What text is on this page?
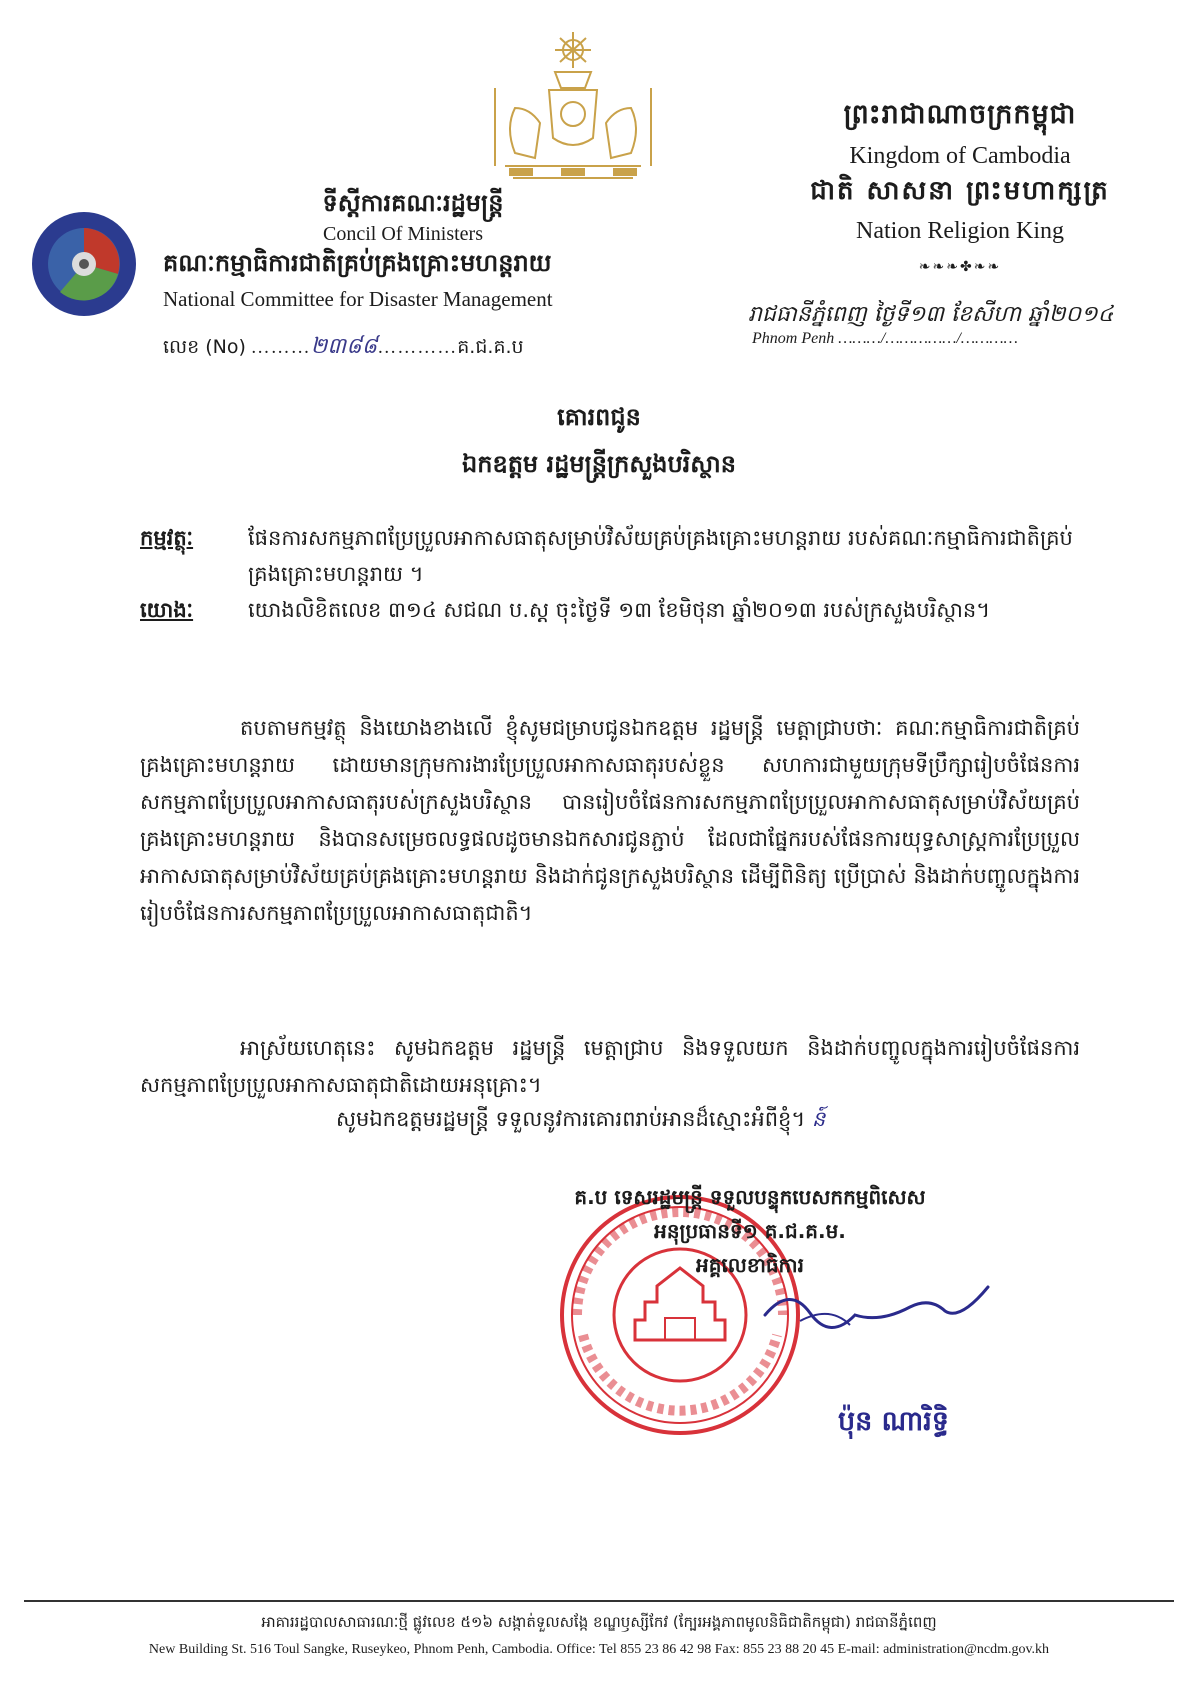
ព្រះរាជាណាចក្រកម្ពុជា
Kingdom of Cambodia
ជាតិ សាសនា ព្រះមហាក្សត្រ
Nation Religion King
❧❧❧✤❧❧
ទីស្តីការគណៈរដ្ឋមន្ត្រី
Concil Of Ministers
គណៈកម្មាធិការជាតិគ្រប់គ្រងគ្រោះមហន្តរាយ
National Committee for Disaster Management
លេខ (No) ………២៣៨៨…………គ.ជ.គ.ប
រាជធានីភ្នំពេញ ថ្ងៃទី១៣ ខែសីហា ឆ្នាំ២០១៤
Phnom Penh ………/……………/…………
គោរពជូន
ឯកឧត្តម រដ្ឋមន្ត្រីក្រសួងបរិស្ថាន
កម្មវត្ថុៈ	ផែនការសកម្មភាពប្រែប្រួលអាកាសធាតុសម្រាប់វិស័យគ្រប់គ្រងគ្រោះមហន្តរាយ របស់គណៈកម្មាធិការជាតិគ្រប់គ្រងគ្រោះមហន្តរាយ ។
យោងៈ	យោងលិខិតលេខ ៣១៤ សជណ ប.ស្ត ចុះថ្ងៃទី ១៣ ខែមិថុនា ឆ្នាំ២០១៣ របស់ក្រសួងបរិស្ថាន។
តបតាមកម្មវត្ថុ និងយោងខាងលើ ខ្ញុំសូមជម្រាបជូនឯកឧត្តម រដ្ឋមន្ត្រី មេត្តាជ្រាបថាៈ គណៈកម្មាធិការជាតិគ្រប់គ្រងគ្រោះមហន្តរាយ ដោយមានក្រុមការងារប្រែប្រួលអាកាសធាតុរបស់ខ្លួន សហការជាមួយក្រុមទីប្រឹក្សារៀបចំផែនការសកម្មភាពប្រែប្រួលអាកាសធាតុរបស់ក្រសួងបរិស្ថាន បានរៀបចំផែនការសកម្មភាពប្រែប្រួលអាកាសធាតុសម្រាប់វិស័យគ្រប់គ្រងគ្រោះមហន្តរាយ និងបានសម្រេចលទ្ធផលដូចមានឯកសារជូនភ្ជាប់ ដែលជាផ្នែករបស់ផែនការយុទ្ធសាស្ត្រការប្រែប្រួលអាកាសធាតុសម្រាប់វិស័យគ្រប់គ្រងគ្រោះមហន្តរាយ និងដាក់ជូនក្រសួងបរិស្ថាន ដើម្បីពិនិត្យ ប្រើប្រាស់ និងដាក់បញ្ចូលក្នុងការរៀបចំផែនការសកម្មភាពប្រែប្រួលអាកាសធាតុជាតិ។
អាស្រ័យហេតុនេះ សូមឯកឧត្តម រដ្ឋមន្ត្រី មេត្តាជ្រាប និងទទួលយក និងដាក់បញ្ចូលក្នុងការរៀបចំផែនការសកម្មភាពប្រែប្រួលអាកាសធាតុជាតិដោយអនុគ្រោះ។
សូមឯកឧត្តមរដ្ឋមន្ត្រី ទទួលនូវការគោរពរាប់អានដ៏ស្មោះអំពីខ្ញុំ។ ន៍
គ.ប ទេសរដ្ឋមន្ត្រី ទទួលបន្ទុកបេសកកម្មពិសេស
អនុប្រធានទី១ គ.ជ.គ.ម.
អគ្គលេខាធិការ
ប៉ុន ណារិទ្ធិ
អាគាររដ្ឋបាលសាធារណៈថ្មី ផ្លូវលេខ ៥១៦ សង្កាត់ទួលសង្កែ ខណ្ឌឫស្សីកែវ (ក្បែរអង្គភាពមូលនិធិជាតិកម្ពុជា) រាជធានីភ្នំពេញ
New Building St. 516 Toul Sangke, Ruseykeo, Phnom Penh, Cambodia. Office: Tel 855 23 86 42 98 Fax: 855 23 88 20 45 E-mail: administration@ncdm.gov.kh
